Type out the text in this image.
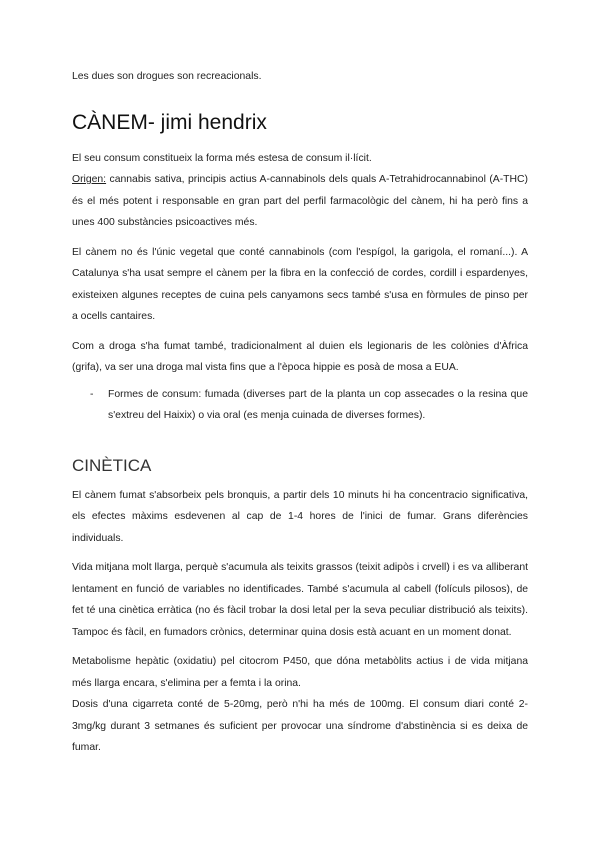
Les dues son drogues son recreacionals.

CÀNEM- jimi hendrix

El seu consum constitueix la forma més estesa de consum il·lícit.

Origen: cannabis sativa, principis actius A-cannabinols dels quals A-Tetrahidrocannabinol (A-THC) és el més potent i responsable en gran part del perfil farmacològic del cànem, hi ha però fins a unes 400 substàncies psicoactives més.

El cànem no és l'únic vegetal que conté cannabinols (com l'espígol, la garigola, el romaní...). A Catalunya s'ha usat sempre el cànem per la fibra en la confecció de cordes, cordill i espardenyes, existeixen algunes receptes de cuina pels canyamons secs també s'usa en fòrmules de pinso per a ocells cantaires.

Com a droga s'ha fumat també, tradicionalment al duien els legionaris de les colònies d'Àfrica (grifa), va ser una droga mal vista fins que a l'època hippie es posà de mosa a EUA.

- Formes de consum: fumada (diverses part de la planta un cop assecades o la resina que s'extreu del Haixix) o via oral (es menja cuinada de diverses formes).
CINÈTICA

El cànem fumat s'absorbeix pels bronquis, a partir dels 10 minuts hi ha concentracio significativa, els efectes màxims esdevenen al cap de 1-4 hores de l'inici de fumar. Grans diferències individuals.

Vida mitjana molt llarga, perquè s'acumula als teixits grassos (teixit adipòs i crvell) i es va alliberant lentament en funció de variables no identificades. També s'acumula al cabell (folículs pilosos), de fet té una cinètica erràtica (no és fàcil trobar la dosi letal per la seva peculiar distribució als teixits). Tampoc és fàcil, en fumadors crònics, determinar quina dosis està acuant en un moment donat.

Metabolisme hepàtic (oxidatiu) pel citocrom P450, que dóna metabòlits actius i de vida mitjana més llarga encara, s'elimina per a femta i la orina.

Dosis d'una cigarreta conté de 5-20mg, però n'hi ha més de 100mg. El consum diari conté 2-3mg/kg durant 3 setmanes és suficient per provocar una síndrome d'abstinència si es deixa de fumar.
